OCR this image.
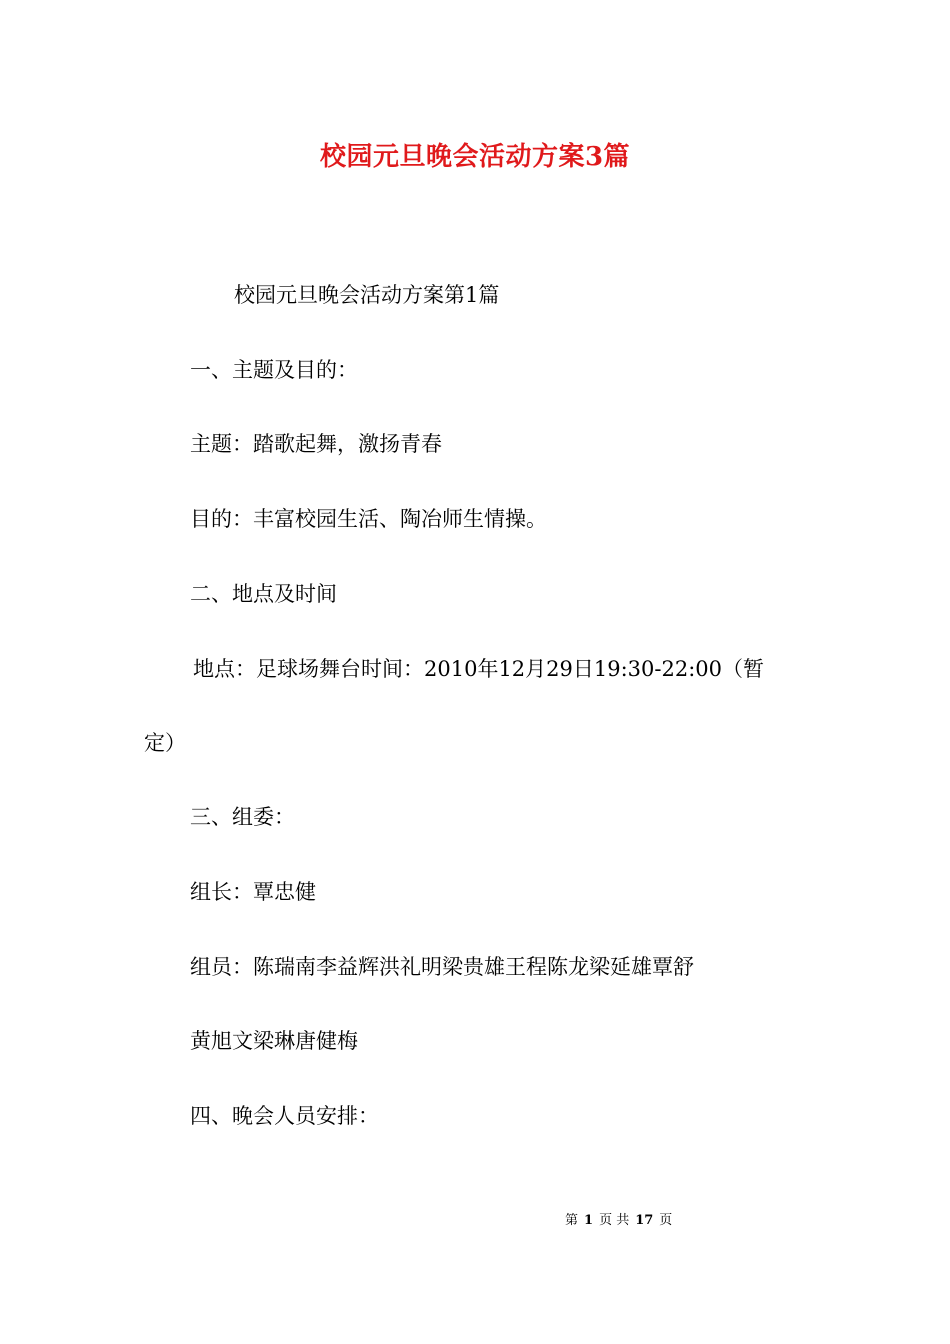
校园元旦晚会活动方案3篇
校园元旦晚会活动方案第1篇
一、主题及目的：
主题：踏歌起舞，激扬青春
目的：丰富校园生活、陶冶师生情操。
二、地点及时间
地点：足球场舞台时间：2010年12月29日19:30-22:00（暂
定）
三、组委：
组长：覃忠健
组员：陈瑞南李益辉洪礼明梁贵雄王程陈龙梁延雄覃舒
黄旭文梁琳唐健梅
四、晚会人员安排：
第 1 页 共 17 页
